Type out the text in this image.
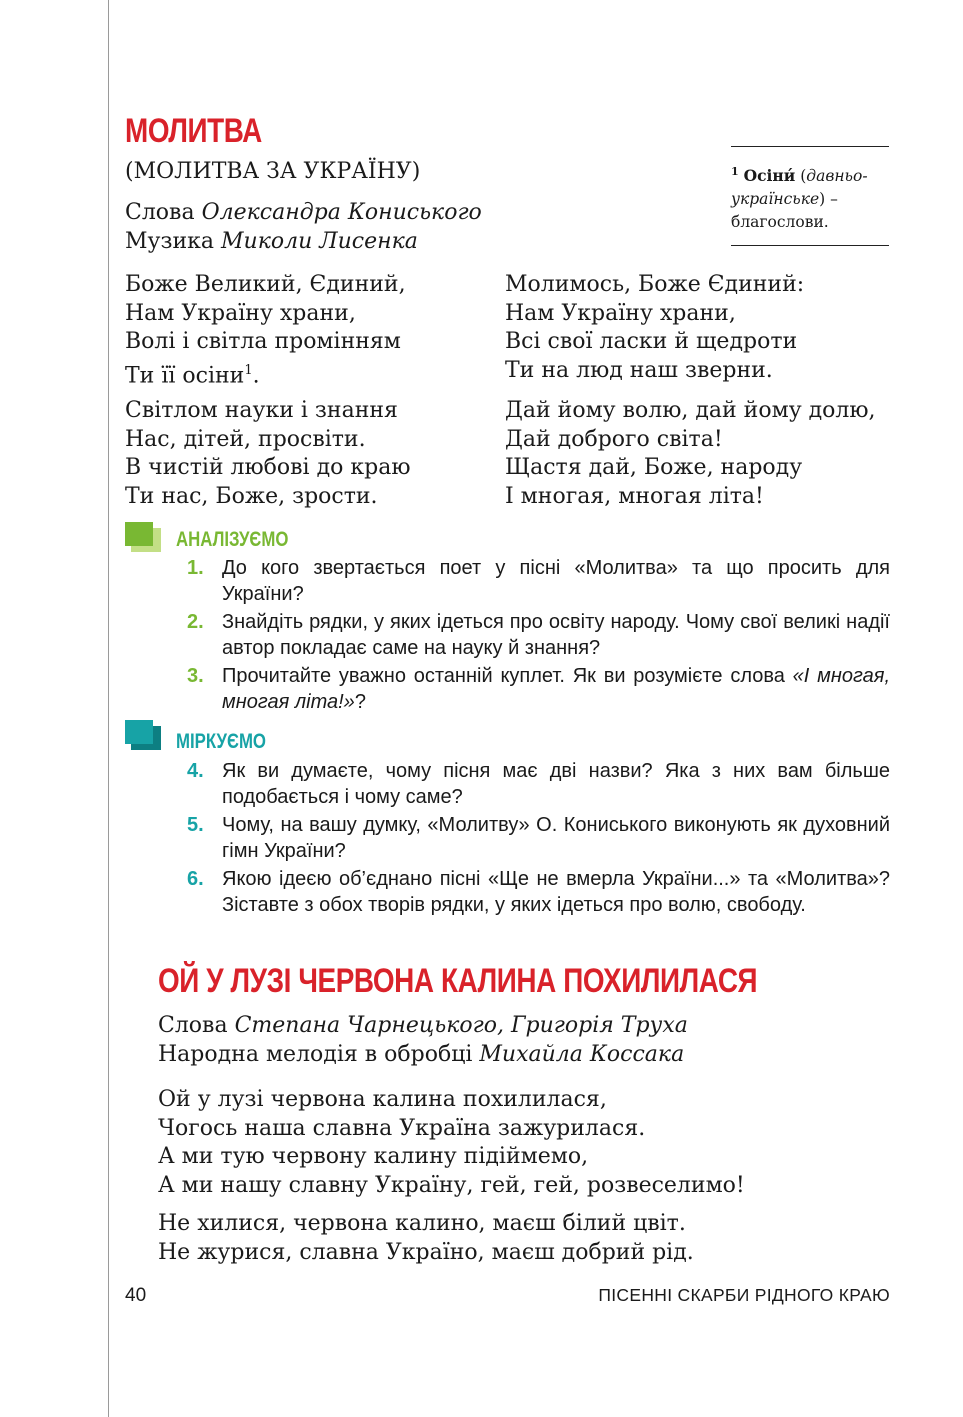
МОЛИТВА
(МОЛИТВА ЗА УКРАЇНУ)
Слова Олександра Кониського
Музика Миколи Лисенка
Боже Великий, Єдиний,
Нам Україну храни,
Волі і світла промінням
Ти її осіни$^1$.
Світлом науки і знання
Нас, дітей, просвіти.
В чистій любові до краю
Ти нас, Боже, зрости.
Молимось, Боже Єдиний:
Нам Україну храни,
Всі свої ласки й щедроти
Ти на люд наш зверни.
Дай йому волю, дай йому долю,
Дай доброго світа!
Щастя дай, Боже, народу
І многая, многая літа!
$^1$ Осіни́ (давньо-українське) – благослови.
АНАЛІЗУЄМО
1. До кого звертається поет у пісні «Молитва» та що просить для України?
2. Знайдіть рядки, у яких ідеться про освіту народу. Чому свої великі надії автор покладає саме на науку й знання?
3. Прочитайте уважно останній куплет. Як ви розумієте слова «І многая, многая літа!»?
МІРКУЄМО
4. Як ви думаєте, чому пісня має дві назви? Яка з них вам більше подобається і чому саме?
5. Чому, на вашу думку, «Молитву» О. Кониського виконують як духовний гімн України?
6. Якою ідеєю об’єднано пісні «Ще не вмерла України...» та «Молитва»? Зіставте з обох творів рядки, у яких ідеться про волю, свободу.
ОЙ У ЛУЗІ ЧЕРВОНА КАЛИНА ПОХИЛИЛАСЯ
Слова Степана Чарнецького, Григорія Труха
Народна мелодія в обробці Михайла Коссака
Ой у лузі червона калина похилилася,
Чогось наша славна Україна зажурилася.
А ми тую червону калину підіймемо,
А ми нашу славну Україну, гей, гей, розвеселимо!
Не хилися, червона калино, маєш білий цвіт.
Не журися, славна Україно, маєш добрий рід.
40	ПІСЕННІ СКАРБИ РІДНОГО КРАЮ
